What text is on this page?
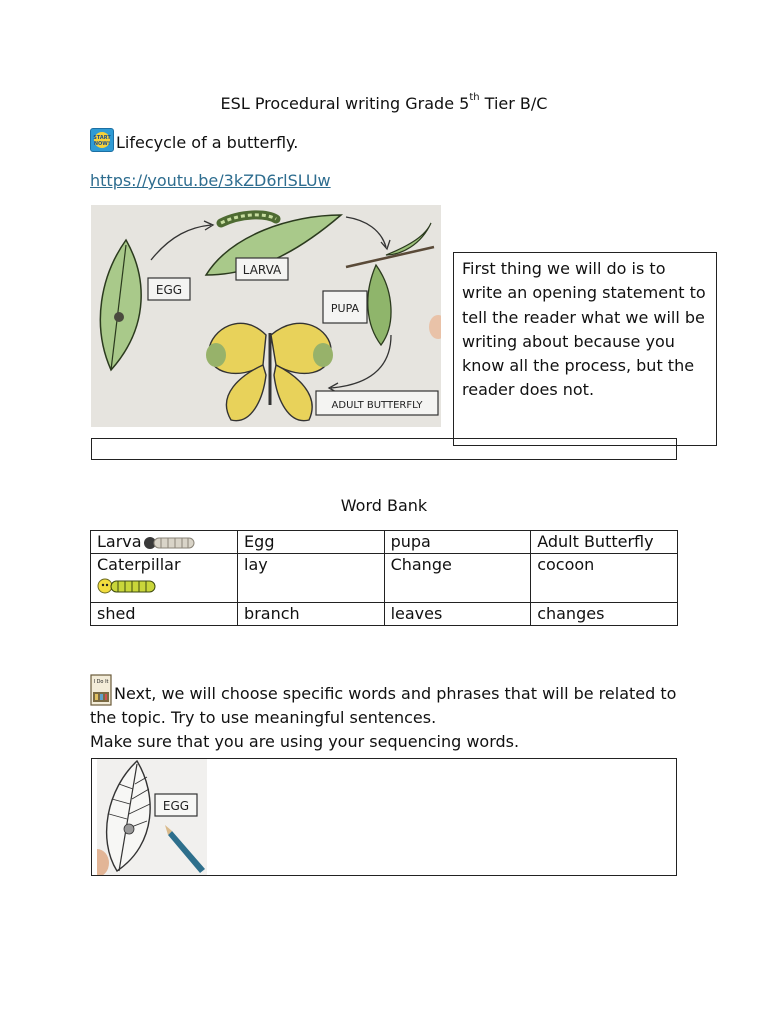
ESL Procedural writing Grade 5th Tier B/C
START NOW! Lifecycle of a butterfly.
https://youtu.be/3kZD6rlSLUw
EGG
LARVA
PUPA
ADULT BUTTERFLY
First thing we will do is to write an opening statement to tell the reader what we will be writing about because you know all the process, but the reader does not.
Word Bank
Larva	Egg	pupa	Adult Butterfly
Caterpillar	lay	Change	cocoon
shed	branch	leaves	changes
I Do It
Next, we will choose specific words and phrases that will be related to the topic. Try to use meaningful sentences.
Make sure that you are using your sequencing words.
EGG
